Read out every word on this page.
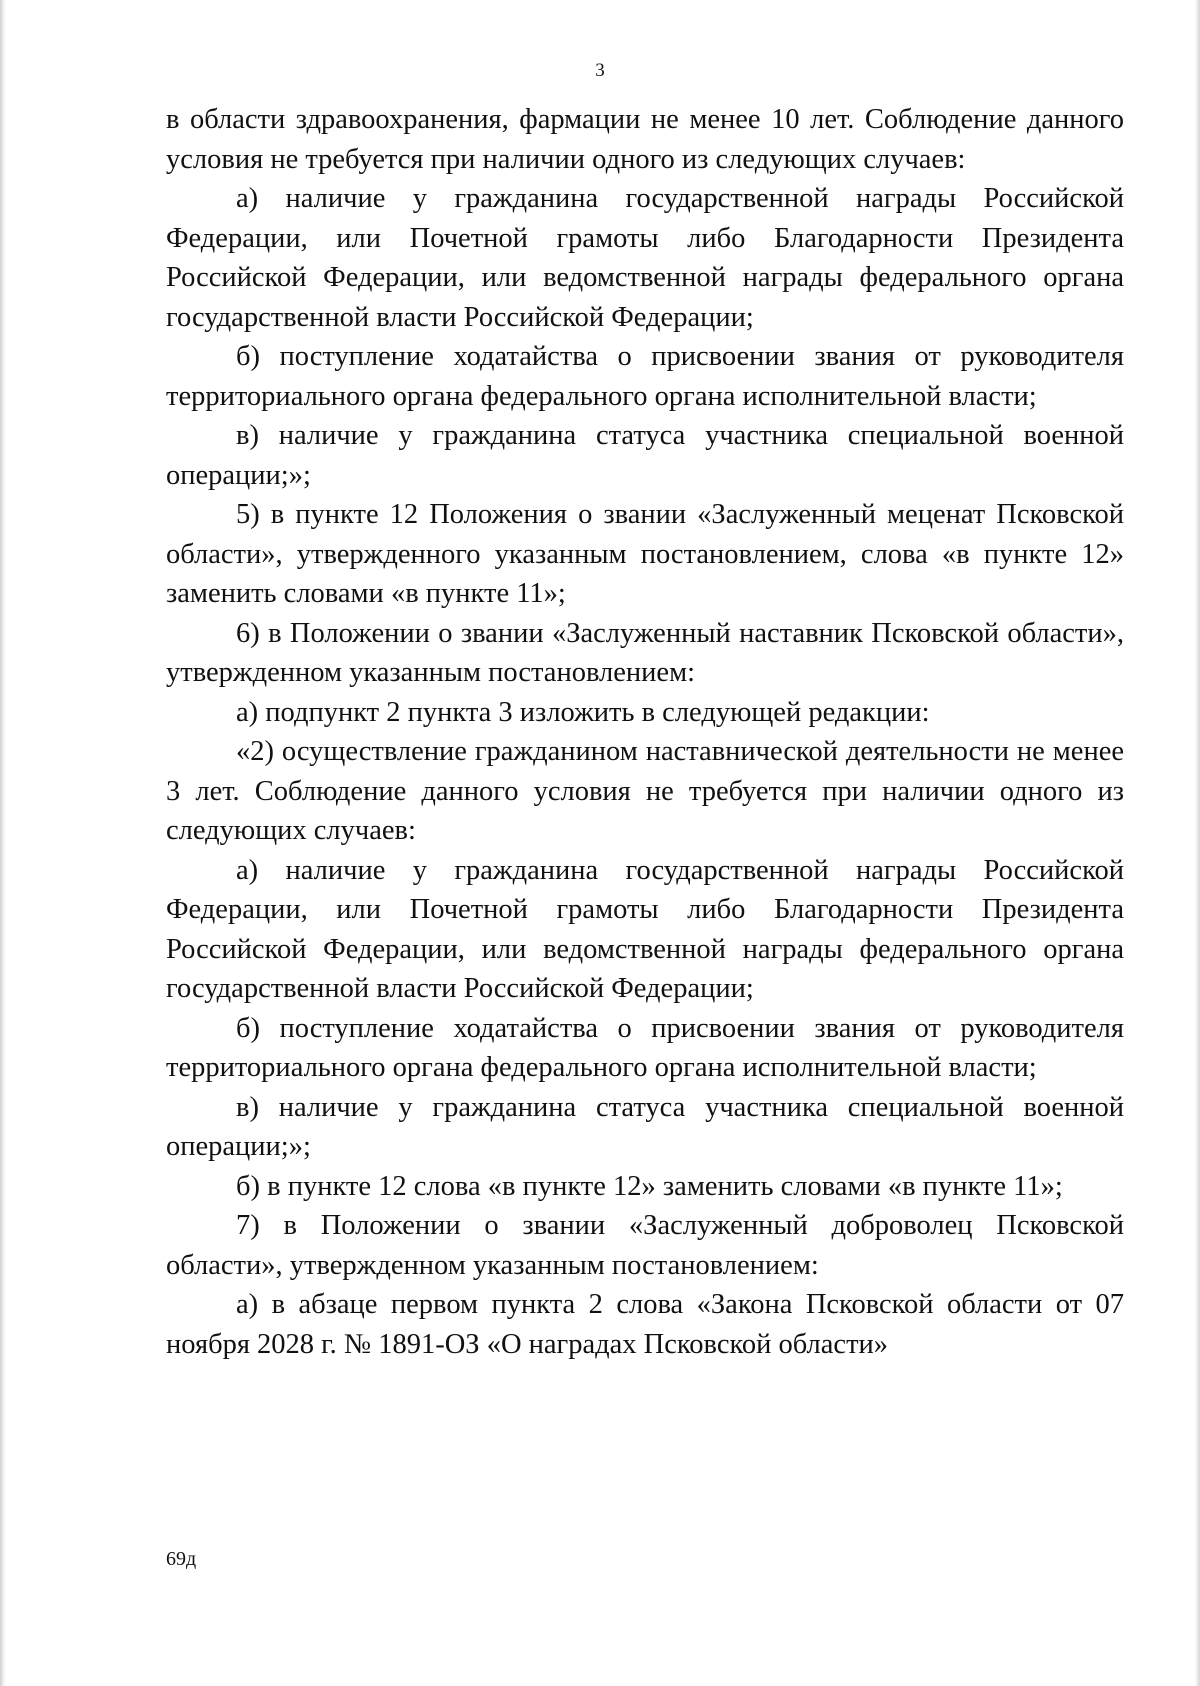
3

в области здравоохранения, фармации не менее 10 лет. Соблюдение данного условия не требуется при наличии одного из следующих случаев:

а) наличие у гражданина государственной награды Российской Федерации, или Почетной грамоты либо Благодарности Президента Российской Федерации, или ведомственной награды федерального органа государственной власти Российской Федерации;

б) поступление ходатайства о присвоении звания от руководителя территориального органа федерального органа исполнительной власти;

в) наличие у гражданина статуса участника специальной военной операции;»;

5) в пункте 12 Положения о звании «Заслуженный меценат Псковской области», утвержденного указанным постановлением, слова «в пункте 12» заменить словами «в пункте 11»;

6) в Положении о звании «Заслуженный наставник Псковской области», утвержденном указанным постановлением:

а) подпункт 2 пункта 3 изложить в следующей редакции:

«2) осуществление гражданином наставнической деятельности не менее 3 лет. Соблюдение данного условия не требуется при наличии одного из следующих случаев:

а) наличие у гражданина государственной награды Российской Федерации, или Почетной грамоты либо Благодарности Президента Российской Федерации, или ведомственной награды федерального органа государственной власти Российской Федерации;

б) поступление ходатайства о присвоении звания от руководителя территориального органа федерального органа исполнительной власти;

в) наличие у гражданина статуса участника специальной военной операции;»;

б) в пункте 12 слова «в пункте 12» заменить словами «в пункте 11»;

7) в Положении о звании «Заслуженный доброволец Псковской области», утвержденном указанным постановлением:

а) в абзаце первом пункта 2 слова «Закона Псковской области от 07 ноября 2028 г. № 1891-ОЗ «О наградах Псковской области»

69д
